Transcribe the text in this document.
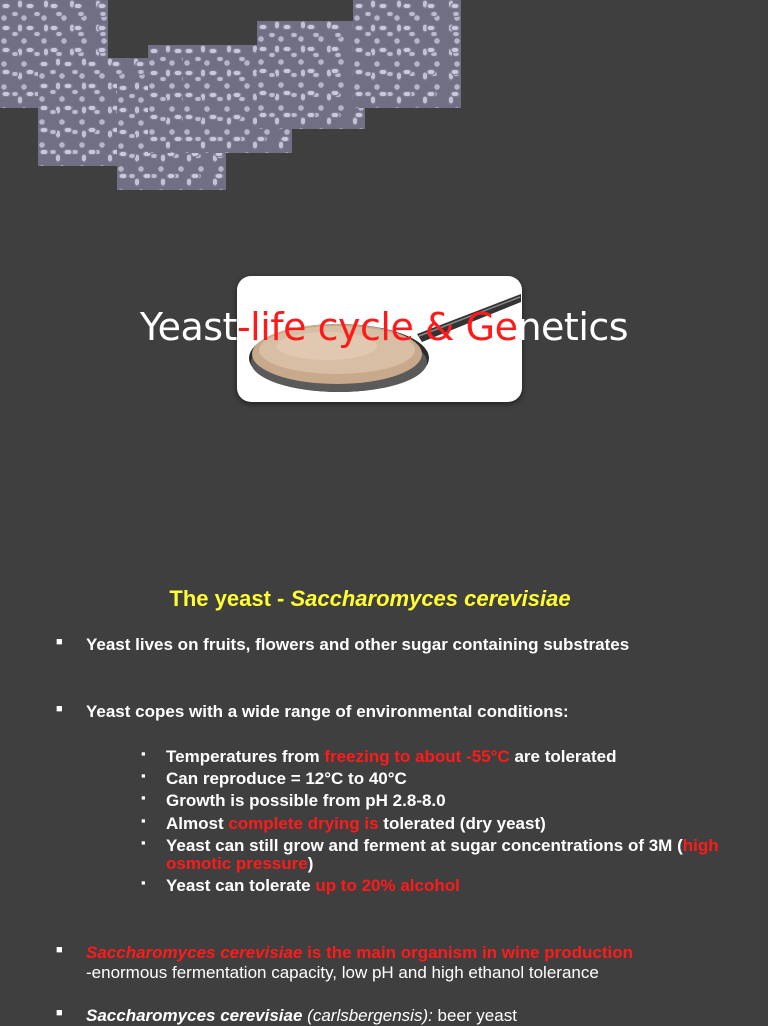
Yeast-life cycle & Genetics
The yeast - Saccharomyces cerevisiae
■ Yeast lives on fruits, flowers and other sugar containing substrates
■ Yeast copes with a wide range of environmental conditions:
▪ Temperatures from freezing to about -55°C are tolerated
▪ Can reproduce = 12°C to 40°C
▪ Growth is possible from pH 2.8-8.0
▪ Almost complete drying is tolerated (dry yeast)
▪ Yeast can still grow and ferment at sugar concentrations of 3M (high osmotic pressure)
▪ Yeast can tolerate up to 20% alcohol
■ Saccharomyces cerevisiae is the main organism in wine production
-enormous fermentation capacity, low pH and high ethanol tolerance
■ Saccharomyces cerevisiae (carlsbergensis): beer yeast
